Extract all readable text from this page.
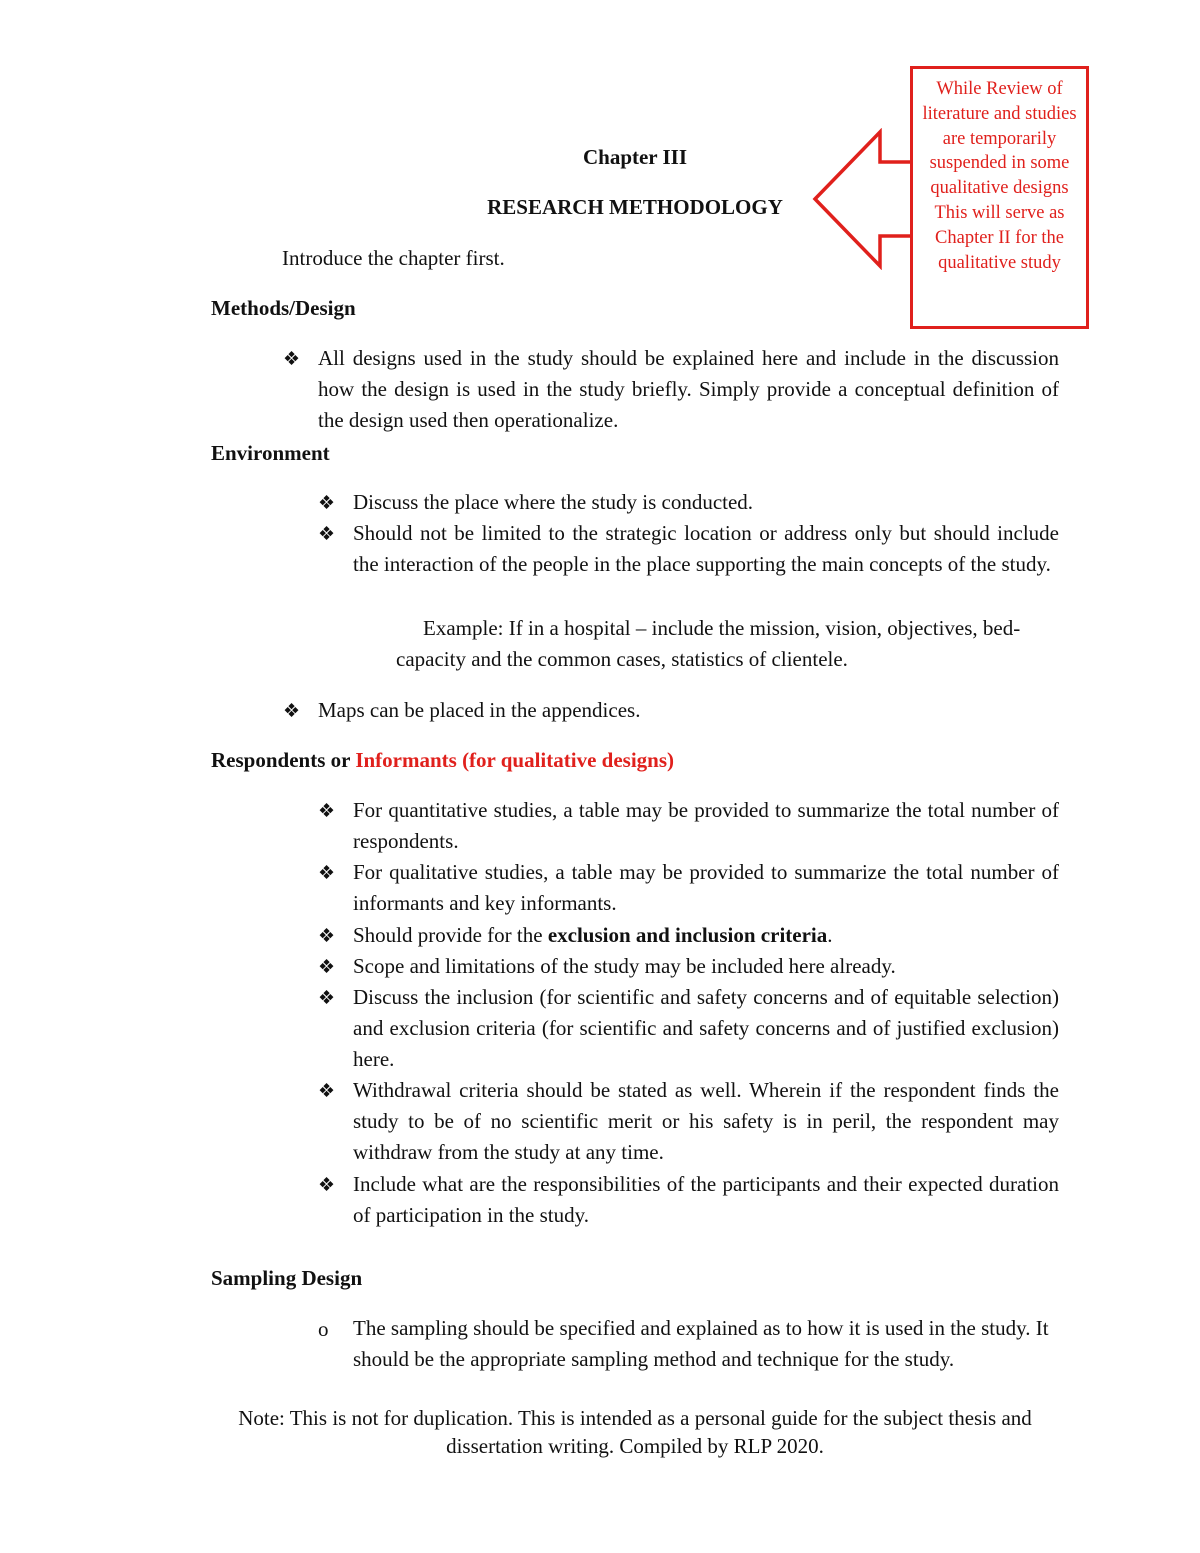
Chapter III
RESEARCH METHODOLOGY
Introduce the chapter first.
While Review of literature and studies are temporarily suspended in some qualitative designs This will serve as Chapter II for the qualitative study
Methods/Design
❖ All designs used in the study should be explained here and include in the discussion how the design is used in the study briefly. Simply provide a conceptual definition of the design used then operationalize.
Environment
❖ Discuss the place where the study is conducted.
❖ Should not be limited to the strategic location or address only but should include the interaction of the people in the place supporting the main concepts of the study.
Example: If in a hospital – include the mission, vision, objectives, bed-capacity and the common cases, statistics of clientele.
❖ Maps can be placed in the appendices.
Respondents or Informants (for qualitative designs)
❖ For quantitative studies, a table may be provided to summarize the total number of respondents.
❖ For qualitative studies, a table may be provided to summarize the total number of informants and key informants.
❖ Should provide for the exclusion and inclusion criteria.
❖ Scope and limitations of the study may be included here already.
❖ Discuss the inclusion (for scientific and safety concerns and of equitable selection) and exclusion criteria (for scientific and safety concerns and of justified exclusion) here.
❖ Withdrawal criteria should be stated as well. Wherein if the respondent finds the study to be of no scientific merit or his safety is in peril, the respondent may withdraw from the study at any time.
❖ Include what are the responsibilities of the participants and their expected duration of participation in the study.
Sampling Design
o	The sampling should be specified and explained as to how it is used in the study. It should be the appropriate sampling method and technique for the study.
Note: This is not for duplication. This is intended as a personal guide for the subject thesis and dissertation writing. Compiled by RLP 2020.
